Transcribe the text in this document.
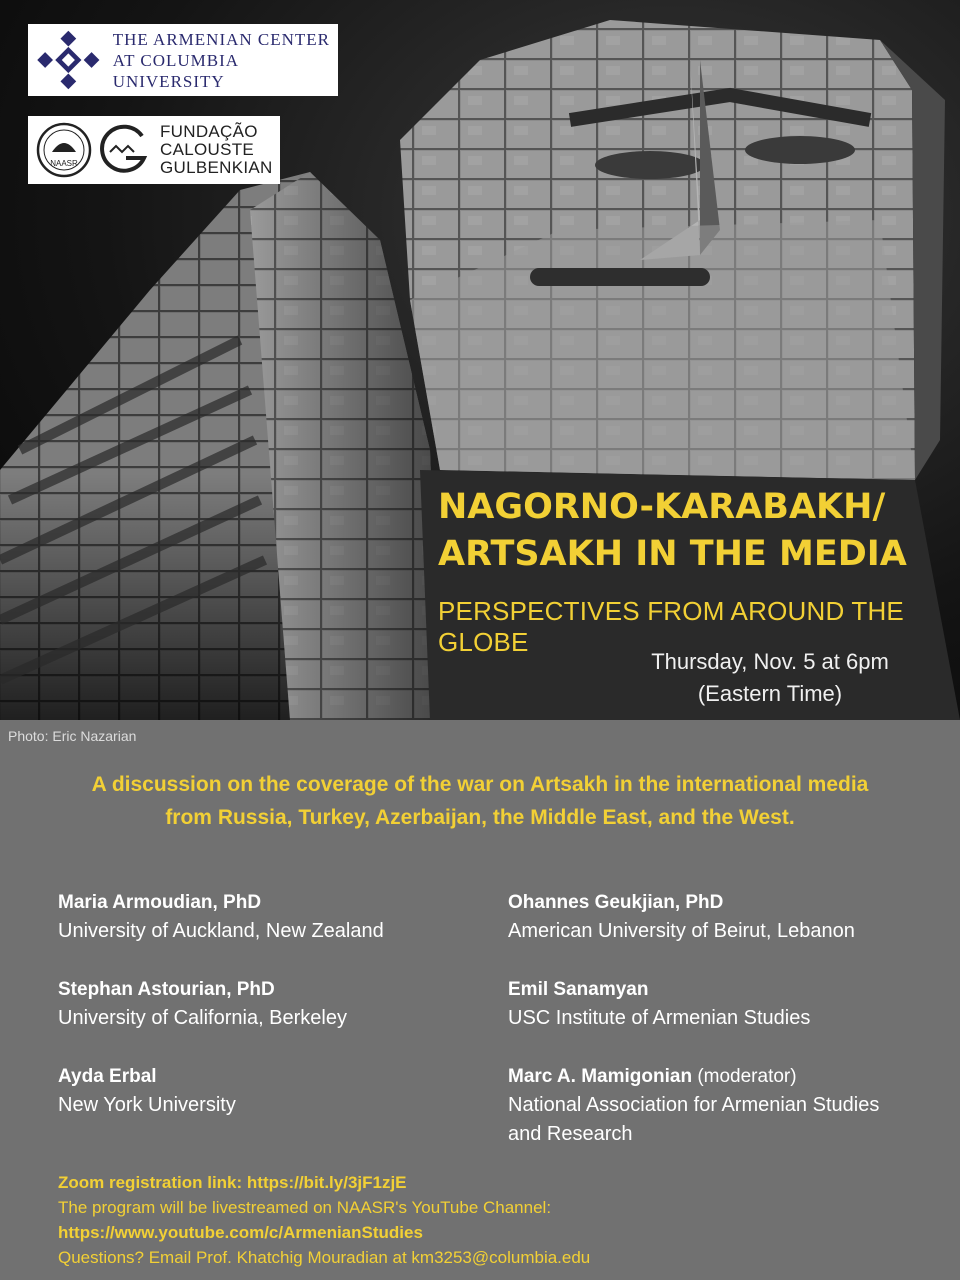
THE ARMENIAN CENTER
AT COLUMBIA UNIVERSITY
NAASR
FUNDAÇÃO
CALOUSTE
GULBENKIAN
NAGORNO-KARABAKH/
ARTSAKH IN THE MEDIA
PERSPECTIVES FROM AROUND THE GLOBE
Thursday, Nov. 5 at 6pm
(Eastern Time)
Photo: Eric Nazarian
A discussion on the coverage of the war on Artsakh in the international media
from Russia, Turkey, Azerbaijan, the Middle East, and the West.
Maria Armoudian, PhD
University of Auckland, New Zealand
Stephan Astourian, PhD
University of California, Berkeley
Ayda Erbal
New York University
Ohannes Geukjian, PhD
American University of Beirut, Lebanon
Emil Sanamyan
USC Institute of Armenian Studies
Marc A. Mamigonian (moderator)
National Association for Armenian Studies
and Research
Zoom registration link: https://bit.ly/3jF1zjE
The program will be livestreamed on NAASR's YouTube Channel:
https://www.youtube.com/c/ArmenianStudies
Questions? Email Prof. Khatchig Mouradian at km3253@columbia.edu
